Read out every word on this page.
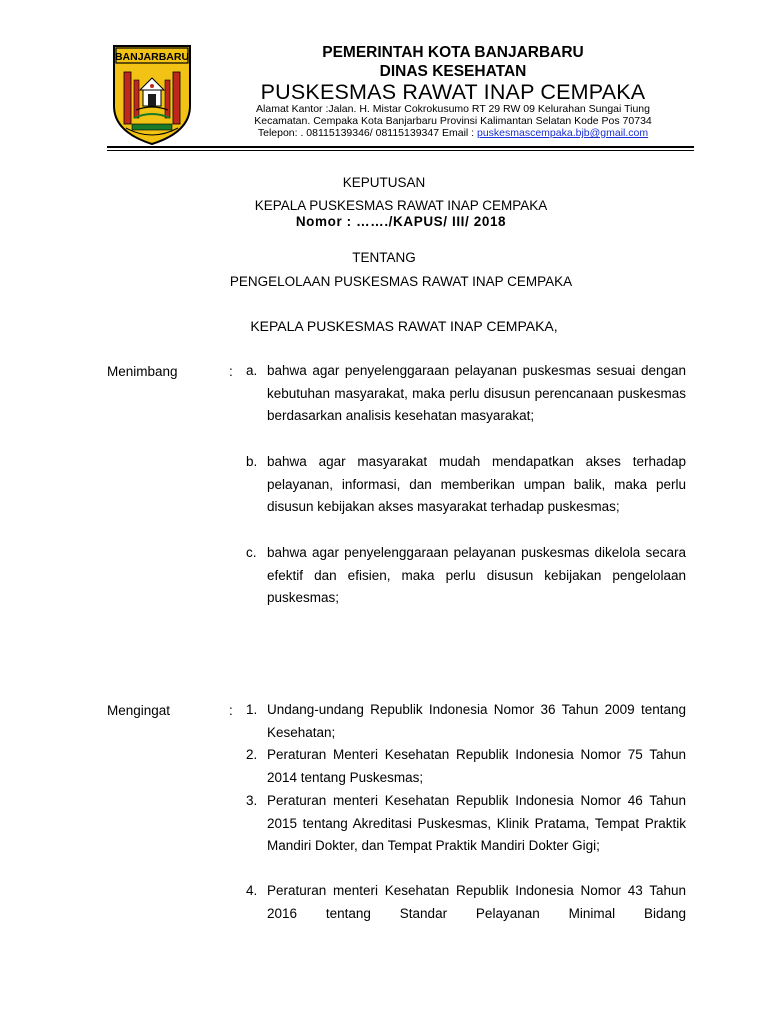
BANJARBARU	PEMERINTAH KOTA BANJARBARU
DINAS KESEHATAN
PUSKESMAS RAWAT INAP CEMPAKA
Alamat Kantor :Jalan. H. Mistar Cokrokusumo RT 29 RW 09 Kelurahan Sungai Tiung
Kecamatan. Cempaka Kota Banjarbaru Provinsi Kalimantan Selatan Kode Pos 70734
Telepon: . 08115139346/ 08115139347 Email : puskesmascempaka.bjb@gmail.com
KEPUTUSAN
KEPALA PUSKESMAS RAWAT INAP CEMPAKA
Nomor : ……./KAPUS/ III/ 2018
TENTANG
PENGELOLAAN PUSKESMAS RAWAT INAP CEMPAKA
KEPALA PUSKESMAS RAWAT INAP CEMPAKA,
Menimbang	: a. bahwa agar penyelenggaraan pelayanan puskesmas sesuai dengan kebutuhan masyarakat, maka perlu disusun perencanaan puskesmas berdasarkan analisis kesehatan masyarakat;
b. bahwa agar masyarakat mudah mendapatkan akses terhadap pelayanan, informasi, dan memberikan umpan balik, maka perlu disusun kebijakan akses masyarakat terhadap puskesmas;
c. bahwa agar penyelenggaraan pelayanan puskesmas dikelola secara efektif dan efisien, maka perlu disusun kebijakan pengelolaan puskesmas;
Mengingat	: 1. Undang-undang Republik Indonesia Nomor 36 Tahun 2009 tentang Kesehatan;
2. Peraturan Menteri Kesehatan Republik Indonesia Nomor 75 Tahun 2014 tentang Puskesmas;
3. Peraturan menteri Kesehatan Republik Indonesia Nomor 46 Tahun 2015 tentang Akreditasi Puskesmas, Klinik Pratama, Tempat Praktik Mandiri Dokter, dan Tempat Praktik Mandiri Dokter Gigi;
4. Peraturan menteri Kesehatan Republik Indonesia Nomor 43 Tahun 2016 tentang Standar Pelayanan Minimal Bidang
